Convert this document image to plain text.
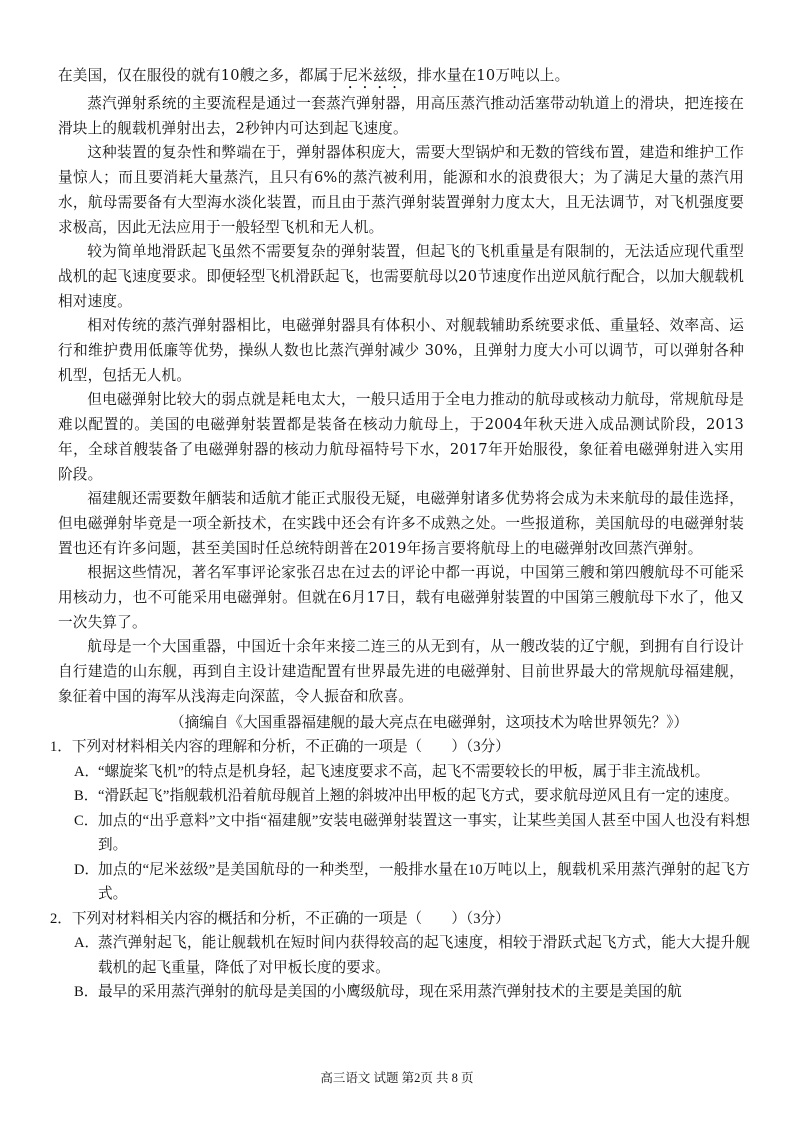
在美国，仅在服役的就有10艘之多，都属于尼米兹级，排水量在10万吨以上。

蒸汽弹射系统的主要流程是通过一套蒸汽弹射器，用高压蒸汽推动活塞带动轨道上的滑块，把连接在滑块上的舰载机弹射出去，2秒钟内可达到起飞速度。

这种装置的复杂性和弊端在于，弹射器体积庞大，需要大型锅炉和无数的管线布置，建造和维护工作量惊人；而且要消耗大量蒸汽，且只有6%的蒸汽被利用，能源和水的浪费很大；为了满足大量的蒸汽用水，航母需要备有大型海水淡化装置，而且由于蒸汽弹射装置弹射力度太大，且无法调节，对飞机强度要求极高，因此无法应用于一般轻型飞机和无人机。

较为简单地滑跃起飞虽然不需要复杂的弹射装置，但起飞的飞机重量是有限制的，无法适应现代重型战机的起飞速度要求。即便轻型飞机滑跃起飞，也需要航母以20节速度作出逆风航行配合，以加大舰载机相对速度。

相对传统的蒸汽弹射器相比，电磁弹射器具有体积小、对舰载辅助系统要求低、重量轻、效率高、运行和维护费用低廉等优势，操纵人数也比蒸汽弹射减少 30%，且弹射力度大小可以调节，可以弹射各种机型，包括无人机。

但电磁弹射比较大的弱点就是耗电太大，一般只适用于全电力推动的航母或核动力航母，常规航母是难以配置的。美国的电磁弹射装置都是装备在核动力航母上，于2004年秋天进入成品测试阶段，2013年，全球首艘装备了电磁弹射器的核动力航母福特号下水，2017年开始服役，象征着电磁弹射进入实用阶段。

福建舰还需要数年舾装和适航才能正式服役无疑，电磁弹射诸多优势将会成为未来航母的最佳选择，但电磁弹射毕竟是一项全新技术，在实践中还会有许多不成熟之处。一些报道称，美国航母的电磁弹射装置也还有许多问题，甚至美国时任总统特朗普在2019年扬言要将航母上的电磁弹射改回蒸汽弹射。

根据这些情况，著名军事评论家张召忠在过去的评论中都一再说，中国第三艘和第四艘航母不可能采用核动力，也不可能采用电磁弹射。但就在6月17日，载有电磁弹射装置的中国第三艘航母下水了，他又一次失算了。

航母是一个大国重器，中国近十余年来接二连三的从无到有，从一艘改装的辽宁舰，到拥有自行设计自行建造的山东舰，再到自主设计建造配置有世界最先进的电磁弹射、目前世界最大的常规航母福建舰，象征着中国的海军从浅海走向深蓝，令人振奋和欣喜。

（摘编自《大国重器福建舰的最大亮点在电磁弹射，这项技术为啥世界领先？》）

1．下列对材料相关内容的理解和分析，不正确的一项是（　　）（3分）

A．
“螺旋桨飞机”的特点是机身轻，起飞速度要求不高，起飞不需要较长的甲板，属于非主流战机。
B． “滑跃起飞”指舰载机沿着航母舰首上翘的斜坡冲出甲板的起飞方式，要求航母逆风且有一定的速度。
C． 加点的“出乎意料”文中指“福建舰”安装电磁弹射装置这一事实，让某些美国人甚至中国人也没有料想到。
D．
加点的“尼米兹级”是美国航母的一种类型，一般排水量在10万吨以上，舰载机采用蒸汽弹射的起飞方式。

2．下列对材料相关内容的概括和分析，不正确的一项是（　　）（3分）

A．
蒸汽弹射起飞，能让舰载机在短时间内获得较高的起飞速度，相较于滑跃式起飞方式，能大大提升舰载机的起飞重量，降低了对甲板长度的要求。
B． 最早的采用蒸汽弹射的航母是美国的小鹰级航母，现在采用蒸汽弹射技术的主要是美国的航
高三语文 试题 第2页 共 8 页
